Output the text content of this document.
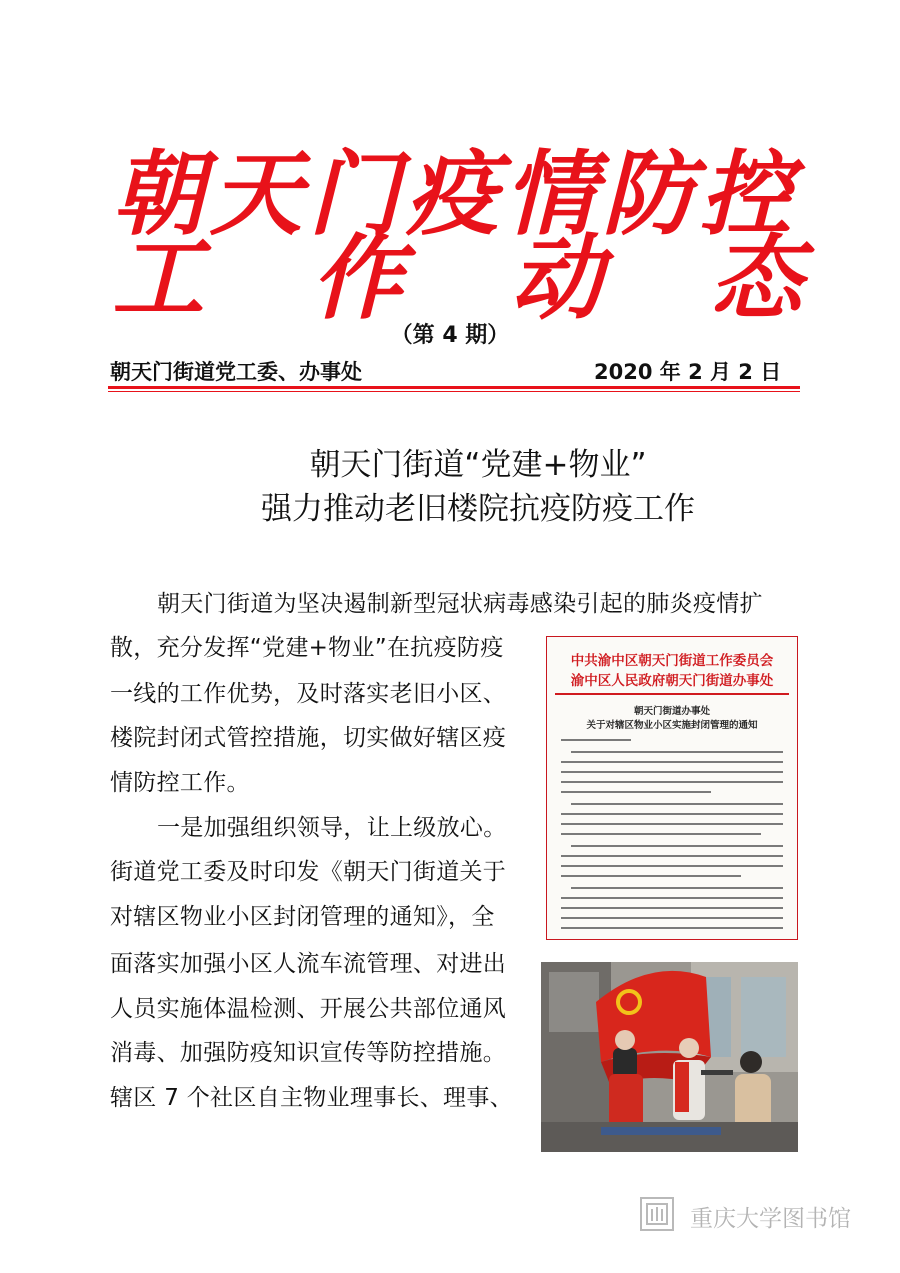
朝天门疫情防控
工 作 动 态
（第 4 期）
朝天门街道党工委、办事处	2020 年 2 月 2 日
朝天门街道“党建+物业”
强力推动老旧楼院抗疫防疫工作
朝天门街道为坚决遏制新型冠状病毒感染引起的肺炎疫情扩
散，充分发挥“党建+物业”在抗疫防疫
一线的工作优势，及时落实老旧小区、
楼院封闭式管控措施，切实做好辖区疫
情防控工作。
一是加强组织领导，让上级放心。
街道党工委及时印发《朝天门街道关于
对辖区物业小区封闭管理的通知》，全
面落实加强小区人流车流管理、对进出
人员实施体温检测、开展公共部位通风
消毒、加强防疫知识宣传等防控措施。
辖区 7 个社区自主物业理事长、理事、
中共渝中区朝天门街道工作委员会
渝中区人民政府朝天门街道办事处
朝天门街道办事处
关于对辖区物业小区实施封闭管理的通知
重庆大学图书馆
